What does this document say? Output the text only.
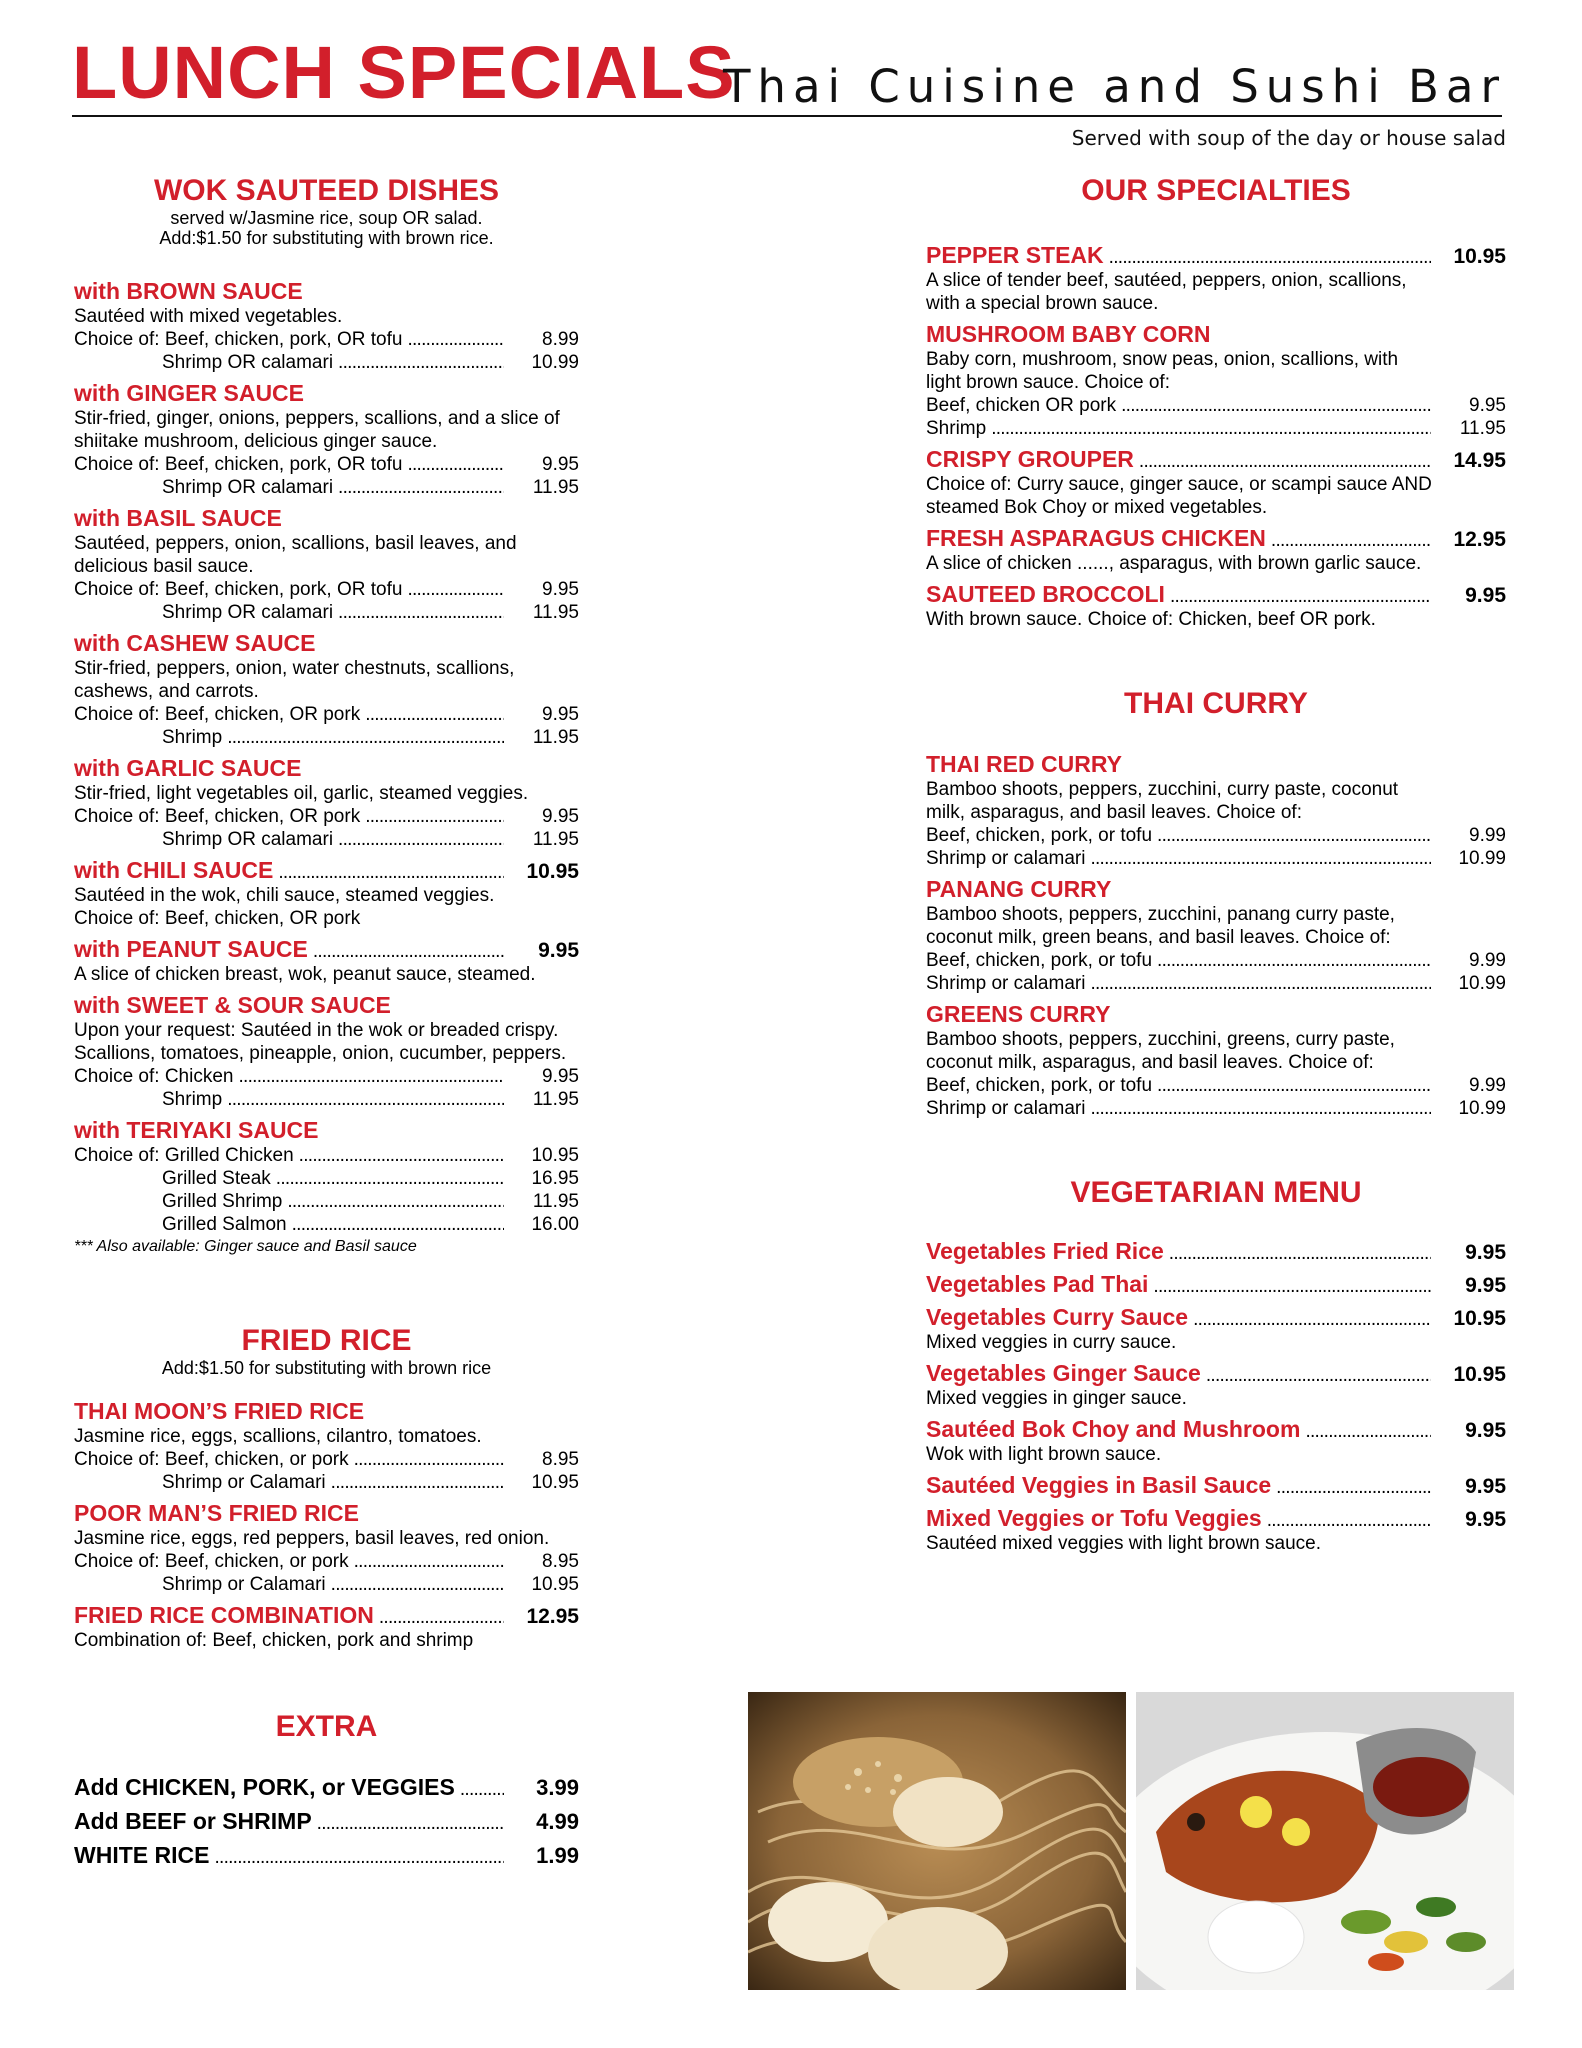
LUNCH SPECIALS
Thai Cuisine and Sushi Bar
Served with soup of the day or house salad
WOK SAUTEED DISHES
served w/Jasmine rice, soup OR salad.
Add:$1.50 for substituting with brown rice.
with BROWN SAUCE
Sautéed with mixed vegetables.
Choice of: Beef, chicken, pork, OR tofu . . .	8.99
Shrimp OR calamari . . .	10.99
with GINGER SAUCE
Stir-fried, ginger, onions, peppers, scallions, and a slice of
shiitake mushroom, delicious ginger sauce.
Choice of: Beef, chicken, pork, OR tofu . . .	9.95
Shrimp OR calamari . . .	11.95
with BASIL SAUCE
Sautéed, peppers, onion, scallions, basil leaves, and
delicious basil sauce.
Choice of: Beef, chicken, pork, OR tofu . . .	9.95
Shrimp OR calamari . . .	11.95
with CASHEW SAUCE
Stir-fried, peppers, onion, water chestnuts, scallions,
cashews, and carrots.
Choice of: Beef, chicken, OR pork . . .	9.95
Shrimp . . .	11.95
with GARLIC SAUCE
Stir-fried, light vegetables oil, garlic, steamed veggies.
Choice of: Beef, chicken, OR pork . . .	9.95
Shrimp OR calamari . . .	11.95
with CHILI SAUCE . . .	10.95
Sautéed in the wok, chili sauce, steamed veggies.
Choice of: Beef, chicken, OR pork
with PEANUT SAUCE . . .	9.95
A slice of chicken breast, wok, peanut sauce, steamed.
with SWEET & SOUR SAUCE
Upon your request: Sautéed in the wok or breaded crispy.
Scallions, tomatoes, pineapple, onion, cucumber, peppers.
Choice of: Chicken . . .	9.95
Shrimp . . .	11.95
with TERIYAKI SAUCE
Choice of: Grilled Chicken . . .	10.95
Grilled Steak . . .	16.95
Grilled Shrimp . . .	11.95
Grilled Salmon . . .	16.00
*** Also available: Ginger sauce and Basil sauce
FRIED RICE
Add:$1.50 for substituting with brown rice
THAI MOON’S FRIED RICE
Jasmine rice, eggs, scallions, cilantro, tomatoes.
Choice of: Beef, chicken, or pork . . .	8.95
Shrimp or Calamari . . .	10.95
POOR MAN’S FRIED RICE
Jasmine rice, eggs, red peppers, basil leaves, red onion.
Choice of: Beef, chicken, or pork . . .	8.95
Shrimp or Calamari . . .	10.95
FRIED RICE COMBINATION . . .	12.95
Combination of: Beef, chicken, pork and shrimp
EXTRA
Add CHICKEN, PORK, or VEGGIES . . .	3.99
Add BEEF or SHRIMP . . .	4.99
WHITE RICE . . .	1.99
OUR SPECIALTIES
PEPPER STEAK . . .	10.95
A slice of tender beef, sautéed, peppers, onion, scallions,
with a special brown sauce.
MUSHROOM BABY CORN
Baby corn, mushroom, snow peas, onion, scallions, with
light brown sauce. Choice of:
Beef, chicken OR pork . . .	9.95
Shrimp . . .	11.95
CRISPY GROUPER . . .	14.95
Choice of: Curry sauce, ginger sauce, or scampi sauce AND
steamed Bok Choy or mixed vegetables.
FRESH ASPARAGUS CHICKEN . . .	12.95
A slice of chicken ......, asparagus, with brown garlic sauce.
SAUTEED BROCCOLI . . .	9.95
With brown sauce. Choice of: Chicken, beef OR pork.
THAI CURRY
THAI RED CURRY
Bamboo shoots, peppers, zucchini, curry paste, coconut
milk, asparagus, and basil leaves. Choice of:
Beef, chicken, pork, or tofu . . .	9.99
Shrimp or calamari . . .	10.99
PANANG CURRY
Bamboo shoots, peppers, zucchini, panang curry paste,
coconut milk, green beans, and basil leaves. Choice of:
Beef, chicken, pork, or tofu . . .	9.99
Shrimp or calamari . . .	10.99
GREENS CURRY
Bamboo shoots, peppers, zucchini, greens, curry paste,
coconut milk, asparagus, and basil leaves. Choice of:
Beef, chicken, pork, or tofu . . .	9.99
Shrimp or calamari . . .	10.99
VEGETARIAN MENU
Vegetables Fried Rice . . .	9.95
Vegetables Pad Thai . . .	9.95
Vegetables Curry Sauce . . .	10.95
Mixed veggies in curry sauce.
Vegetables Ginger Sauce . . .	10.95
Mixed veggies in ginger sauce.
Sautéed Bok Choy and Mushroom . . .	9.95
Wok with light brown sauce.
Sautéed Veggies in Basil Sauce . . .	9.95
Mixed Veggies or Tofu Veggies . . .	9.95
Sautéed mixed veggies with light brown sauce.
